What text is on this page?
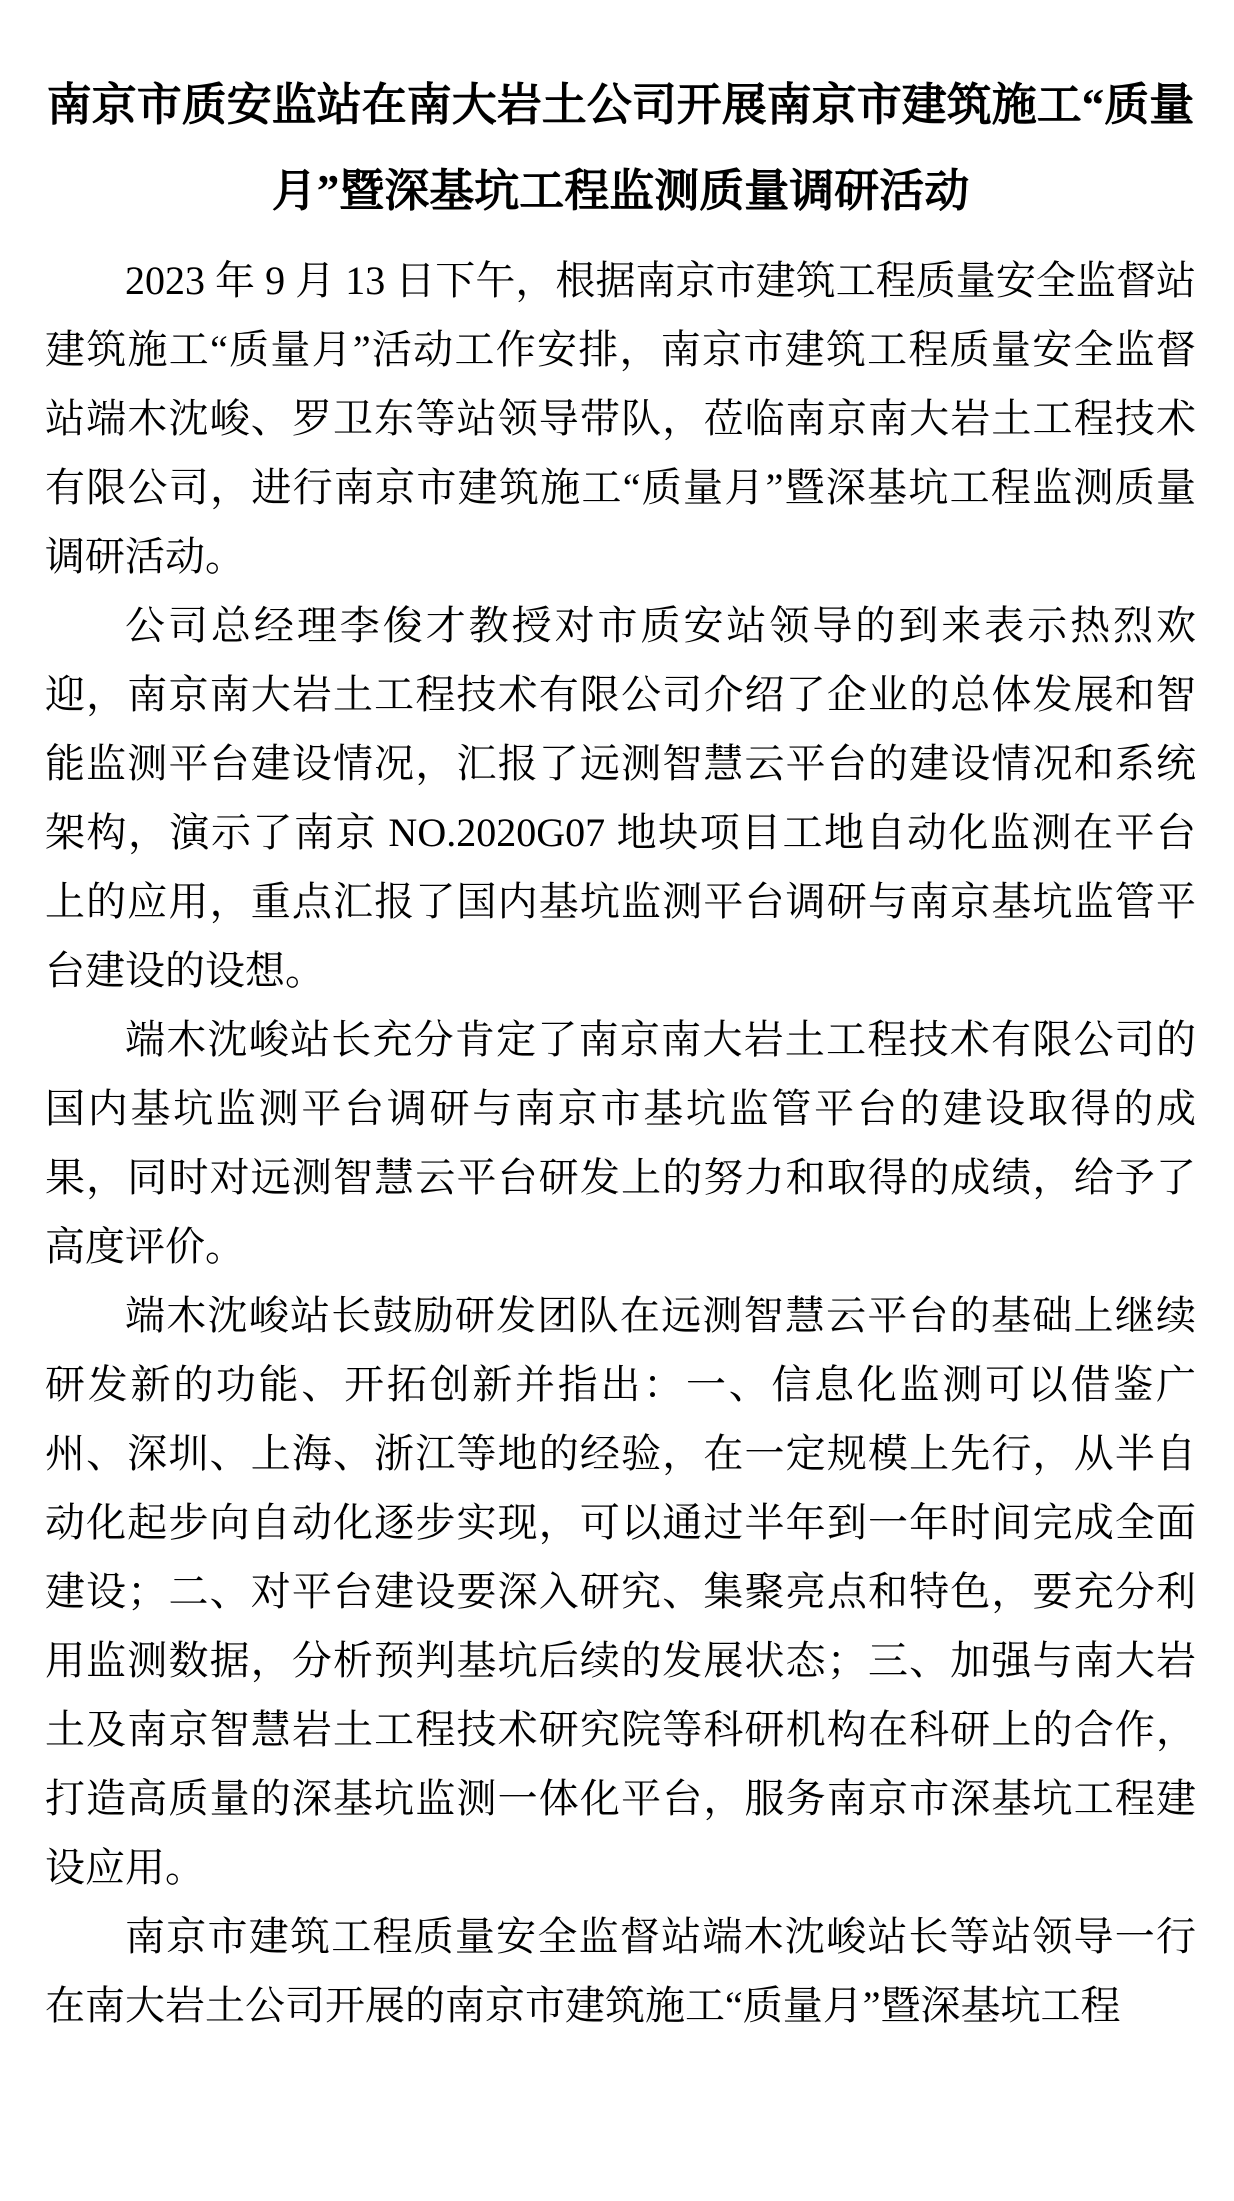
南京市质安监站在南大岩土公司开展南京市建筑施工“质量月”暨深基坑工程监测质量调研活动

2023 年 9 月 13 日下午，根据南京市建筑工程质量安全监督站建筑施工“质量月”活动工作安排，南京市建筑工程质量安全监督站端木沈峻、罗卫东等站领导带队，莅临南京南大岩土工程技术有限公司，进行南京市建筑施工“质量月”暨深基坑工程监测质量调研活动。

公司总经理李俊才教授对市质安站领导的到来表示热烈欢迎，南京南大岩土工程技术有限公司介绍了企业的总体发展和智能监测平台建设情况，汇报了远测智慧云平台的建设情况和系统架构，演示了南京 NO.2020G07 地块项目工地自动化监测在平台上的应用，重点汇报了国内基坑监测平台调研与南京基坑监管平台建设的设想。

端木沈峻站长充分肯定了南京南大岩土工程技术有限公司的国内基坑监测平台调研与南京市基坑监管平台的建设取得的成果，同时对远测智慧云平台研发上的努力和取得的成绩，给予了高度评价。

端木沈峻站长鼓励研发团队在远测智慧云平台的基础上继续研发新的功能、开拓创新并指出：一、信息化监测可以借鉴广州、深圳、上海、浙江等地的经验，在一定规模上先行，从半自动化起步向自动化逐步实现，可以通过半年到一年时间完成全面建设；二、对平台建设要深入研究、集聚亮点和特色，要充分利用监测数据，分析预判基坑后续的发展状态；三、加强与南大岩土及南京智慧岩土工程技术研究院等科研机构在科研上的合作，打造高质量的深基坑监测一体化平台，服务南京市深基坑工程建设应用。

南京市建筑工程质量安全监督站端木沈峻站长等站领导一行在南大岩土公司开展的南京市建筑施工“质量月”暨深基坑工程
